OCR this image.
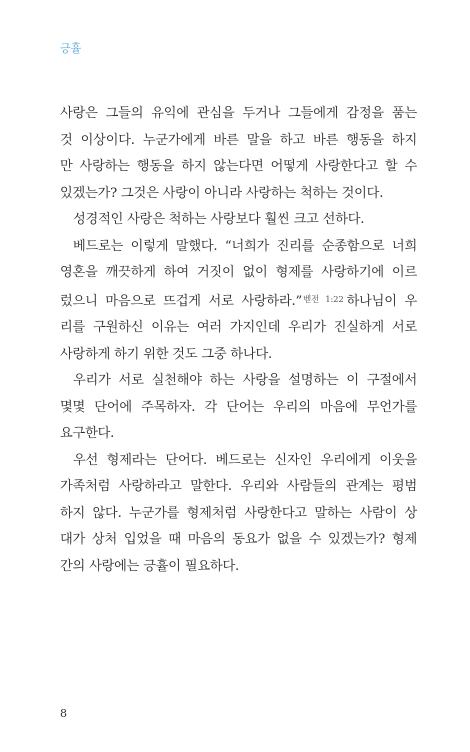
긍휼
사랑은 그들의 유익에 관심을 두거나 그들에게 감정을 품는
것 이상이다. 누군가에게 바른 말을 하고 바른 행동을 하지
만 사랑하는 행동을 하지 않는다면 어떻게 사랑한다고 할 수
있겠는가? 그것은 사랑이 아니라 사랑하는 척하는 것이다.
성경적인 사랑은 척하는 사랑보다 훨씬 크고 선하다.
베드로는 이렇게 말했다. “너희가 진리를 순종함으로 너희
영혼을 깨끗하게 하여 거짓이 없이 형제를 사랑하기에 이르
렀으니 마음으로 뜨겁게 서로 사랑하라.”$^{벧전 1:22}$ 하나님이 우
리를 구원하신 이유는 여러 가지인데 우리가 진실하게 서로
사랑하게 하기 위한 것도 그중 하나다.
우리가 서로 실천해야 하는 사랑을 설명하는 이 구절에서
몇몇 단어에 주목하자. 각 단어는 우리의 마음에 무언가를
요구한다.
우선 형제라는 단어다. 베드로는 신자인 우리에게 이웃을
가족처럼 사랑하라고 말한다. 우리와 사람들의 관계는 평범
하지 않다. 누군가를 형제처럼 사랑한다고 말하는 사람이 상
대가 상처 입었을 때 마음의 동요가 없을 수 있겠는가? 형제
간의 사랑에는 긍휼이 필요하다.
8
